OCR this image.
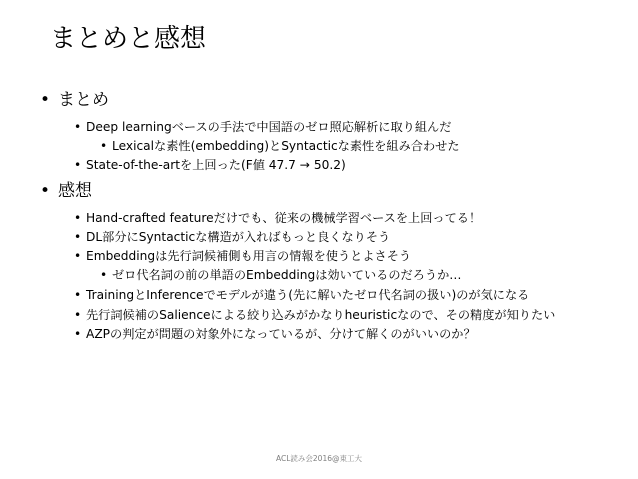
まとめと感想
• まとめ
• Deep learningベースの手法で中国語のゼロ照応解析に取り組んだ
• Lexicalな素性(embedding)とSyntacticな素性を組み合わせた
• State-of-the-artを上回った(F値 47.7 → 50.2)
• 感想
• Hand-crafted featureだけでも、従来の機械学習ベースを上回ってる！
• DL部分にSyntacticな構造が入ればもっと良くなりそう
• Embeddingは先行詞候補側も用言の情報を使うとよさそう
• ゼロ代名詞の前の単語のEmbeddingは効いているのだろうか…
• TrainingとInferenceでモデルが違う(先に解いたゼロ代名詞の扱い)のが気になる
• 先行詞候補のSalienceによる絞り込みがかなりheuristicなので、その精度が知りたい
• AZPの判定が問題の対象外になっているが、分けて解くのがいいのか？
ACL読み会2016@東工大
